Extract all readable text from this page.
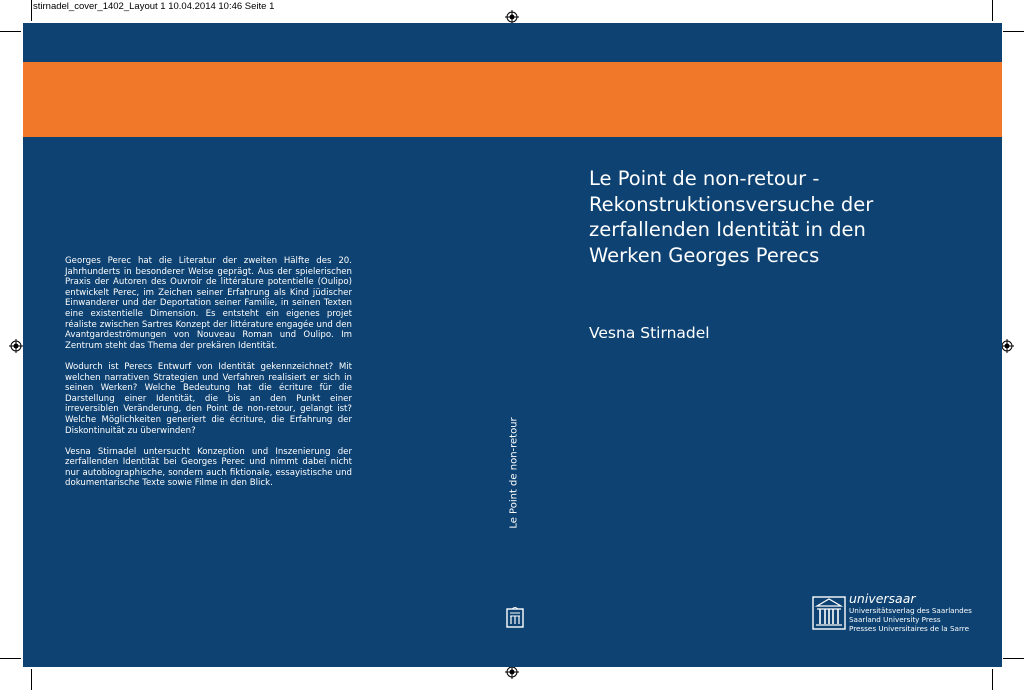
stirnadel_cover_1402_Layout 1 10.04.2014 10:46 Seite 1

Georges Perec hat die Literatur der zweiten Hälfte des 20. Jahrhunderts in besonderer Weise geprägt. Aus der spielerischen Praxis der Autoren des Ouvroir de littérature potentielle (Oulipo) entwickelt Perec, im Zeichen seiner Erfahrung als Kind jüdischer Einwanderer und der Deportation seiner Familie, in seinen Texten eine existentielle Dimension. Es entsteht ein eigenes projet réaliste zwischen Sartres Konzept der littérature engagée und den Avantgardeströmungen von Nouveau Roman und Oulipo. Im Zentrum steht das Thema der prekären Identität.

Wodurch ist Perecs Entwurf von Identität gekennzeichnet? Mit welchen narrativen Strategien und Verfahren realisiert er sich in seinen Werken? Welche Bedeutung hat die écriture für die Darstellung einer Identität, die bis an den Punkt einer irreversiblen Veränderung, den Point de non-retour, gelangt ist? Welche Möglichkeiten generiert die écriture, die Erfahrung der Diskontinuität zu überwinden?

Vesna Stirnadel untersucht Konzeption und Inszenierung der zerfallenden Identität bei Georges Perec und nimmt dabei nicht nur autobiographische, sondern auch fiktionale, essayistische und dokumentarische Texte sowie Filme in den Blick.

Le Point de non-retour -
Rekonstruktionsversuche der
zerfallenden Identität in den
Werken Georges Perecs
Vesna Stirnadel
Le Point de non-retour
universaar
Universitätsverlag des Saarlandes
Saarland University Press
Presses Universitaires de la Sarre
